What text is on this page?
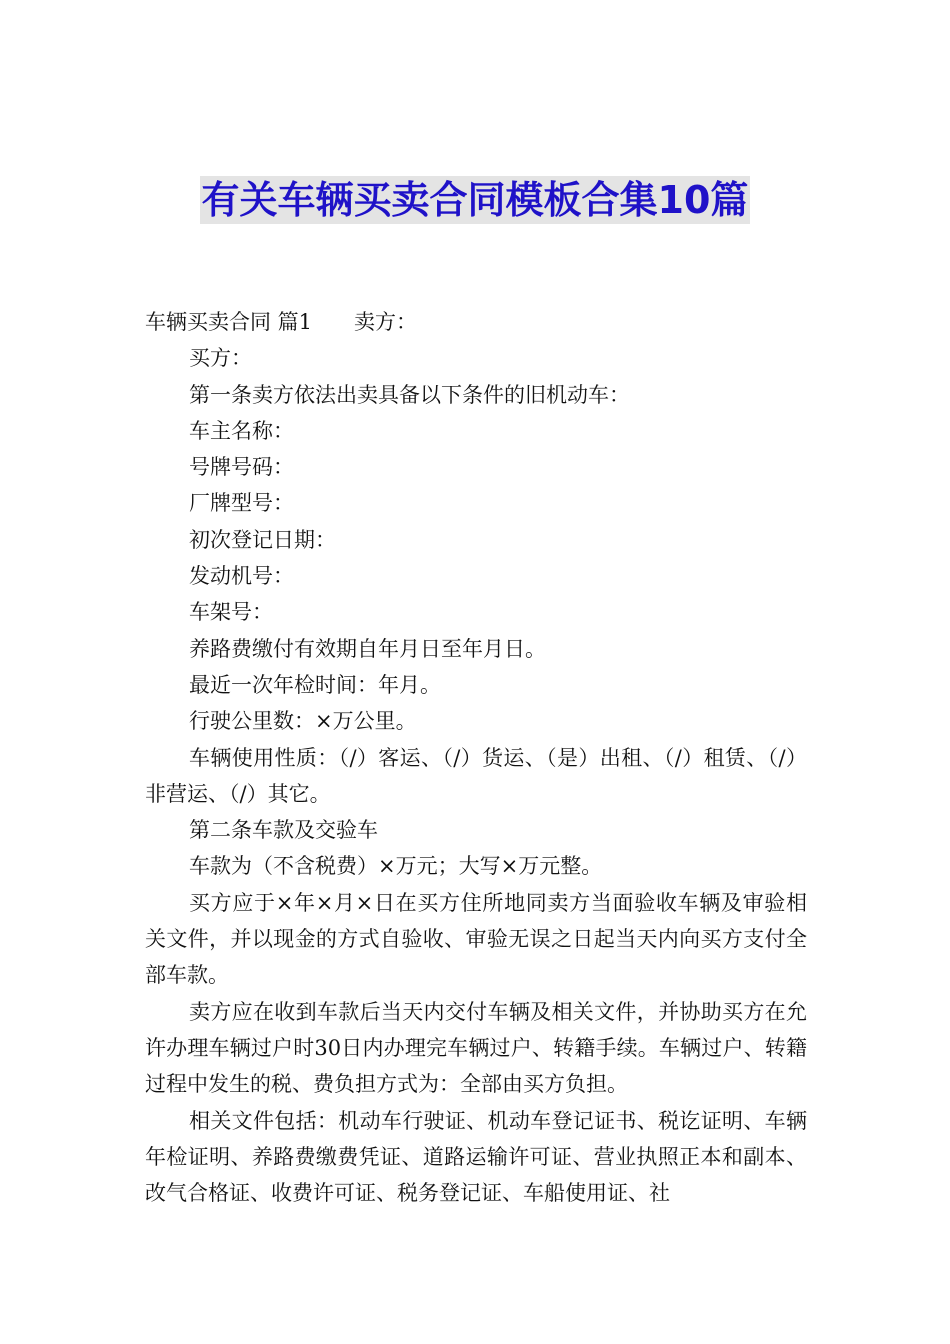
有关车辆买卖合同模板合集10篇

车辆买卖合同 篇1 卖方：

买方：

第一条卖方依法出卖具备以下条件的旧机动车：

车主名称：

号牌号码：

厂牌型号：

初次登记日期：

发动机号：

车架号：

养路费缴付有效期自年月日至年月日。

最近一次年检时间：年月。

行驶公里数：×万公里。

车辆使用性质：（/）客运、（/）货运、（是）出租、（/）租赁、（/）非营运、（/）其它。

第二条车款及交验车

车款为（不含税费）×万元；大写×万元整。

买方应于×年×月×日在买方住所地同卖方当面验收车辆及审验相关文件，并以现金的方式自验收、审验无误之日起当天内向买方支付全部车款。

卖方应在收到车款后当天内交付车辆及相关文件，并协助买方在允许办理车辆过户时30日内办理完车辆过户、转籍手续。车辆过户、转籍过程中发生的税、费负担方式为：全部由买方负担。

相关文件包括：机动车行驶证、机动车登记证书、税讫证明、车辆年检证明、养路费缴费凭证、道路运输许可证、营业执照正本和副本、改气合格证、收费许可证、税务登记证、车船使用证、社
